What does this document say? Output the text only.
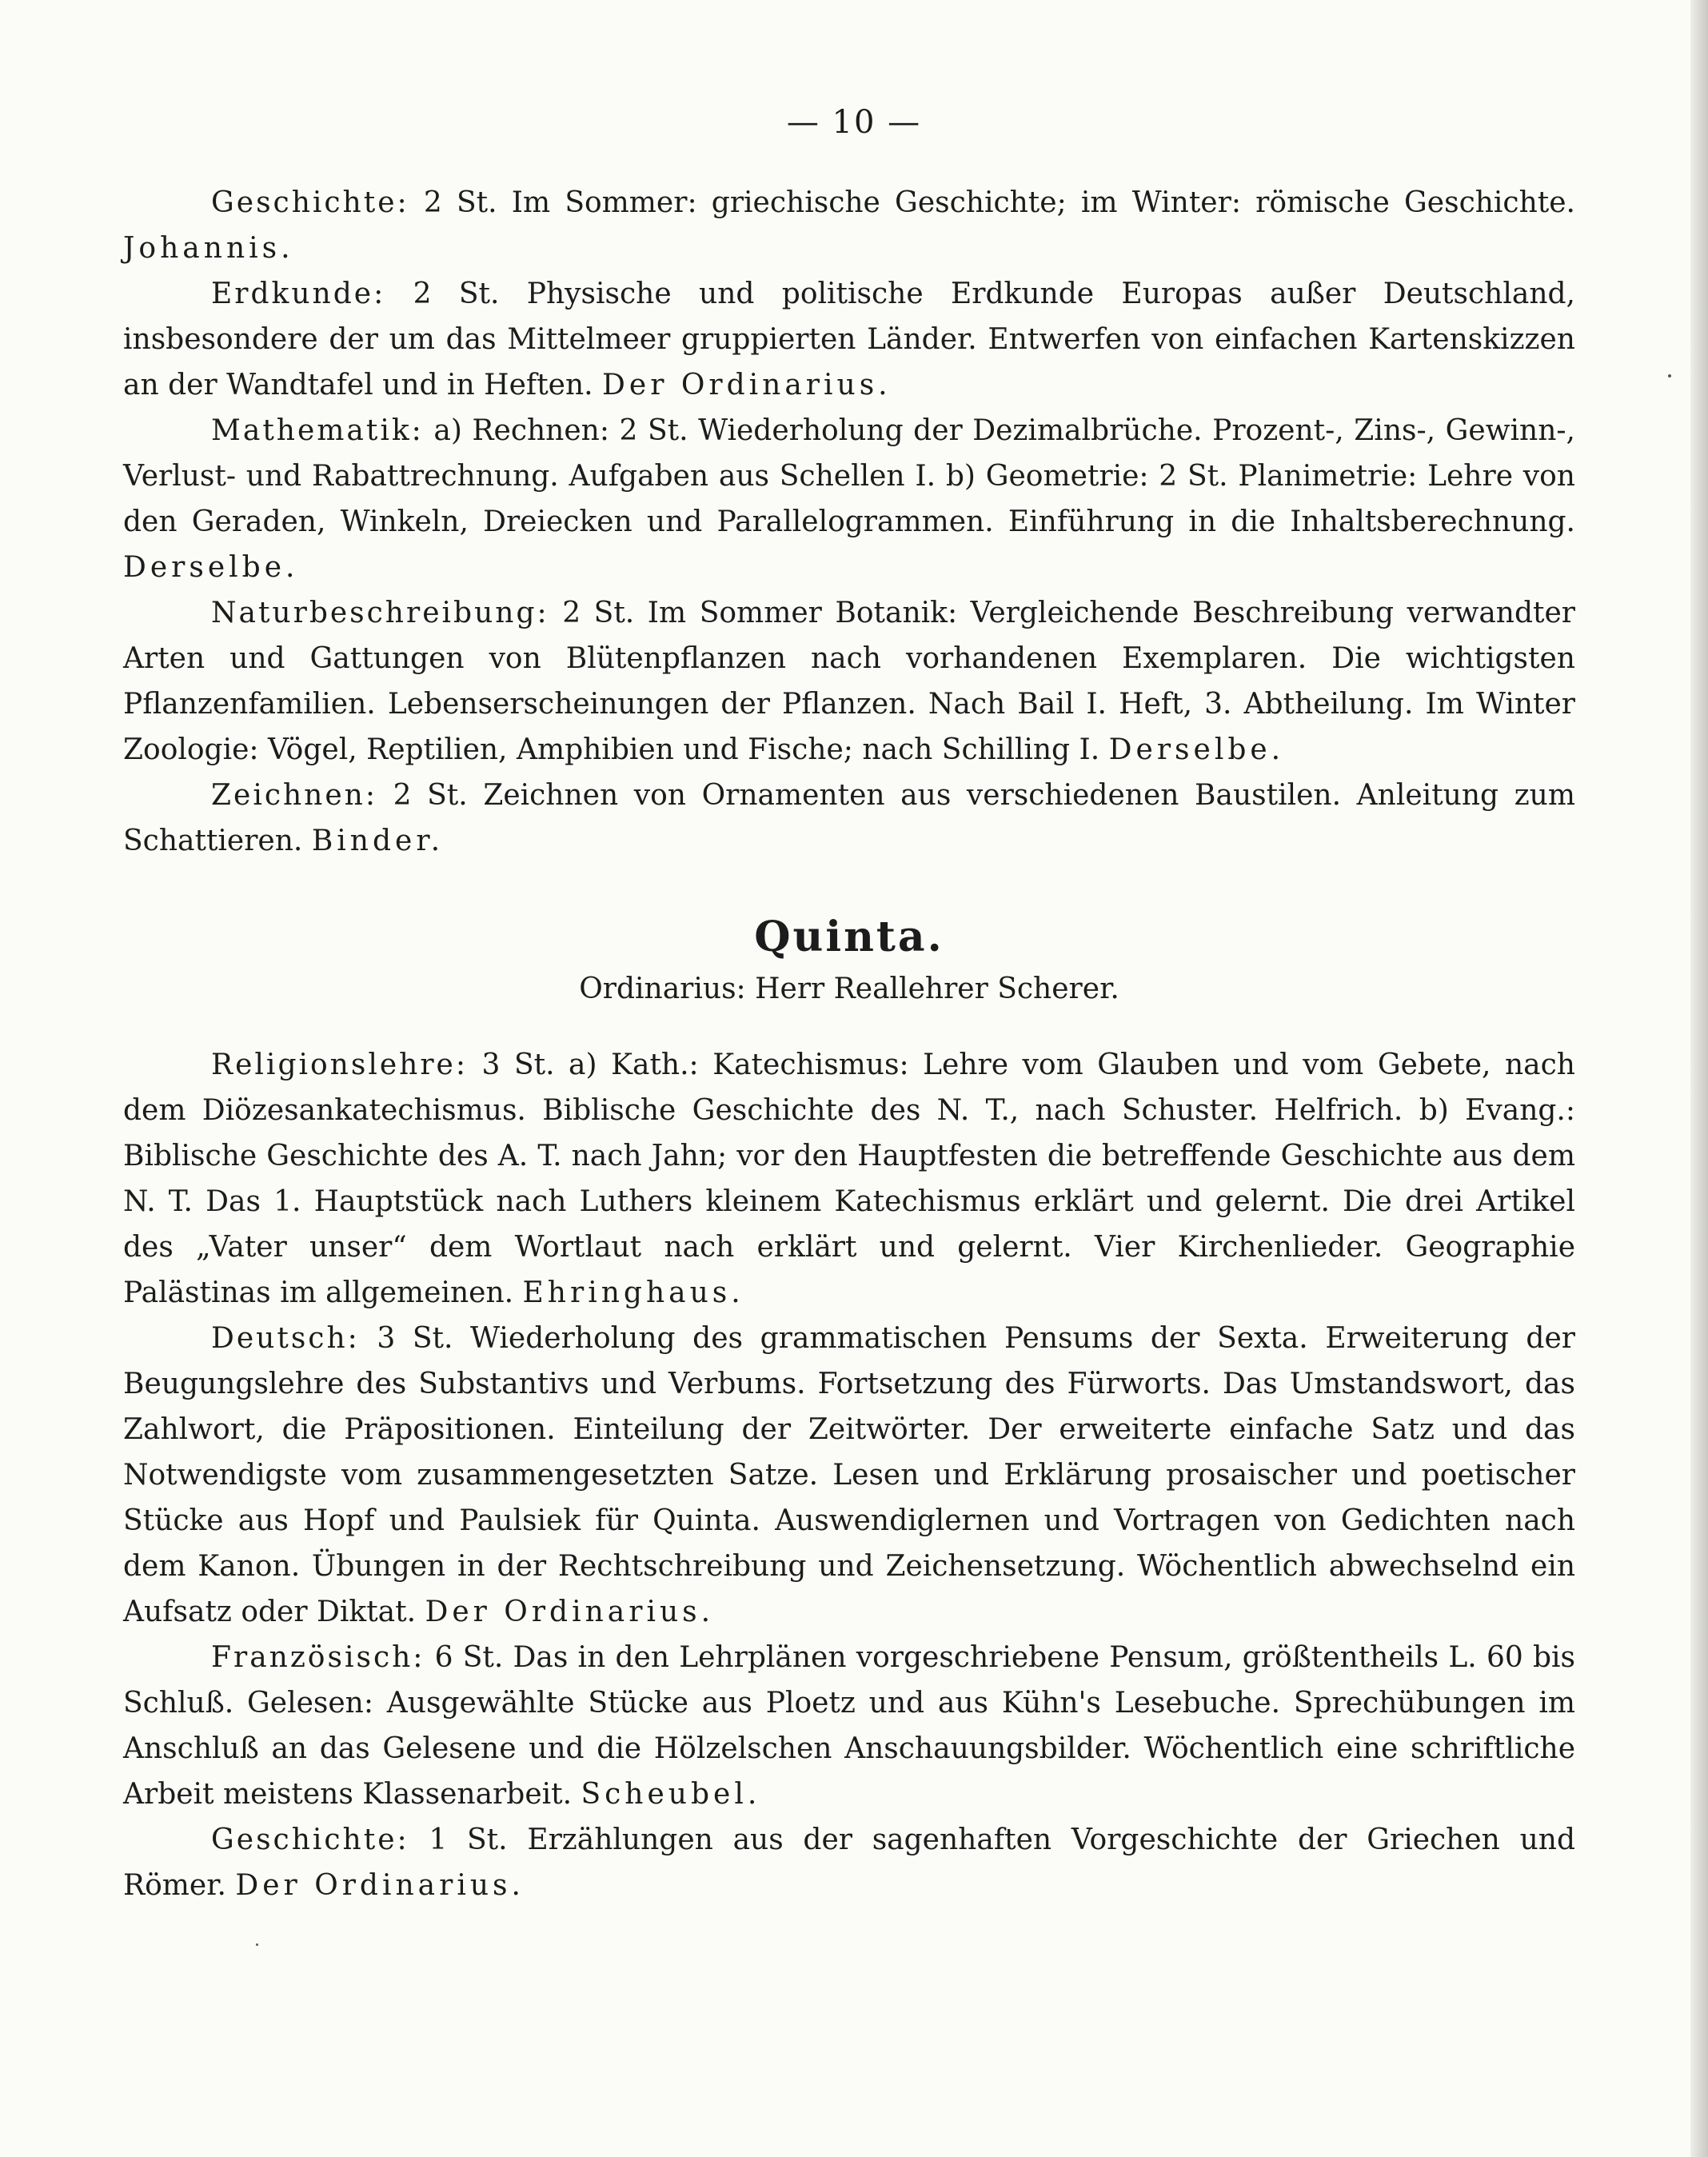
— 10 —

Geschichte: 2 St. Im Sommer: griechische Geschichte; im Winter: römische Geschichte. Johannis.

Erdkunde: 2 St. Physische und politische Erdkunde Europas außer Deutschland, insbesondere der um das Mittelmeer gruppierten Länder. Entwerfen von einfachen Kartenskizzen an der Wandtafel und in Heften. Der Ordinarius.

Mathematik: a) Rechnen: 2 St. Wiederholung der Dezimalbrüche. Prozent-, Zins-, Gewinn-, Verlust- und Rabattrechnung. Aufgaben aus Schellen I. b) Geometrie: 2 St. Planimetrie: Lehre von den Geraden, Winkeln, Dreiecken und Parallelogrammen. Einführung in die Inhaltsberechnung. Derselbe.

Naturbeschreibung: 2 St. Im Sommer Botanik: Vergleichende Beschreibung verwandter Arten und Gattungen von Blütenpflanzen nach vorhandenen Exemplaren. Die wichtigsten Pflanzenfamilien. Lebenserscheinungen der Pflanzen. Nach Bail I. Heft, 3. Abtheilung. Im Winter Zoologie: Vögel, Reptilien, Amphibien und Fische; nach Schilling I. Derselbe.

Zeichnen: 2 St. Zeichnen von Ornamenten aus verschiedenen Baustilen. Anleitung zum Schattieren. Binder.

Quinta.
Ordinarius: Herr Reallehrer Scherer.

Religionslehre: 3 St. a) Kath.: Katechismus: Lehre vom Glauben und vom Gebete, nach dem Diözesankatechismus. Biblische Geschichte des N. T., nach Schuster. Helfrich. b) Evang.: Biblische Geschichte des A. T. nach Jahn; vor den Hauptfesten die betreffende Geschichte aus dem N. T. Das 1. Hauptstück nach Luthers kleinem Katechismus erklärt und gelernt. Die drei Artikel des „Vater unser“ dem Wortlaut nach erklärt und gelernt. Vier Kirchenlieder. Geographie Palästinas im allgemeinen. Ehringhaus.

Deutsch: 3 St. Wiederholung des grammatischen Pensums der Sexta. Erweiterung der Beugungslehre des Substantivs und Verbums. Fortsetzung des Fürworts. Das Umstandswort, das Zahlwort, die Präpositionen. Einteilung der Zeitwörter. Der erweiterte einfache Satz und das Notwendigste vom zusammengesetzten Satze. Lesen und Erklärung prosaischer und poetischer Stücke aus Hopf und Paulsiek für Quinta. Auswendiglernen und Vortragen von Gedichten nach dem Kanon. Übungen in der Rechtschreibung und Zeichensetzung. Wöchentlich abwechselnd ein Aufsatz oder Diktat. Der Ordinarius.

Französisch: 6 St. Das in den Lehrplänen vorgeschriebene Pensum, größtentheils L. 60 bis Schluß. Gelesen: Ausgewählte Stücke aus Ploetz und aus Kühn's Lesebuche. Sprechübungen im Anschluß an das Gelesene und die Hölzelschen Anschauungsbilder. Wöchentlich eine schriftliche Arbeit meistens Klassenarbeit. Scheubel.

Geschichte: 1 St. Erzählungen aus der sagenhaften Vorgeschichte der Griechen und Römer. Der Ordinarius.
